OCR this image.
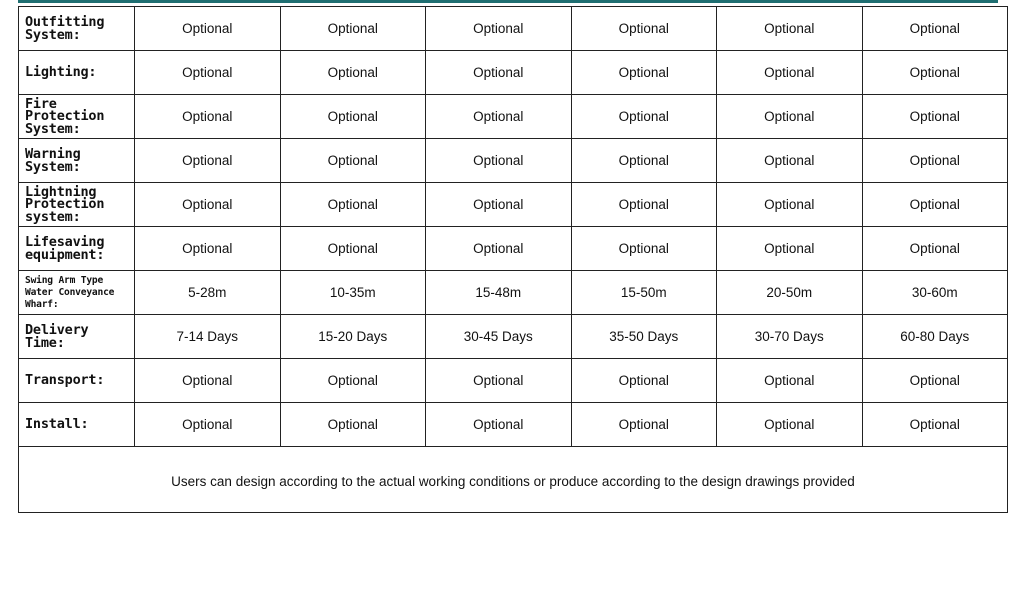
Outfitting
System:	Optional	Optional	Optional	Optional	Optional	Optional
Lighting:	Optional	Optional	Optional	Optional	Optional	Optional
Fire Protection
System:	Optional	Optional	Optional	Optional	Optional	Optional
Warning System:	Optional	Optional	Optional	Optional	Optional	Optional
Lightning
Protection
system:	Optional	Optional	Optional	Optional	Optional	Optional
Lifesaving
equipment:	Optional	Optional	Optional	Optional	Optional	Optional
Swing Arm Type
Water Conveyance
Wharf:	5-28m	10-35m	15-48m	15-50m	20-50m	30-60m
Delivery Time:	7-14 Days	15-20 Days	30-45 Days	35-50 Days	30-70 Days	60-80 Days
Transport:	Optional	Optional	Optional	Optional	Optional	Optional
Install:	Optional	Optional	Optional	Optional	Optional	Optional
Users can design according to the actual working conditions or produce according to the design drawings provided						
